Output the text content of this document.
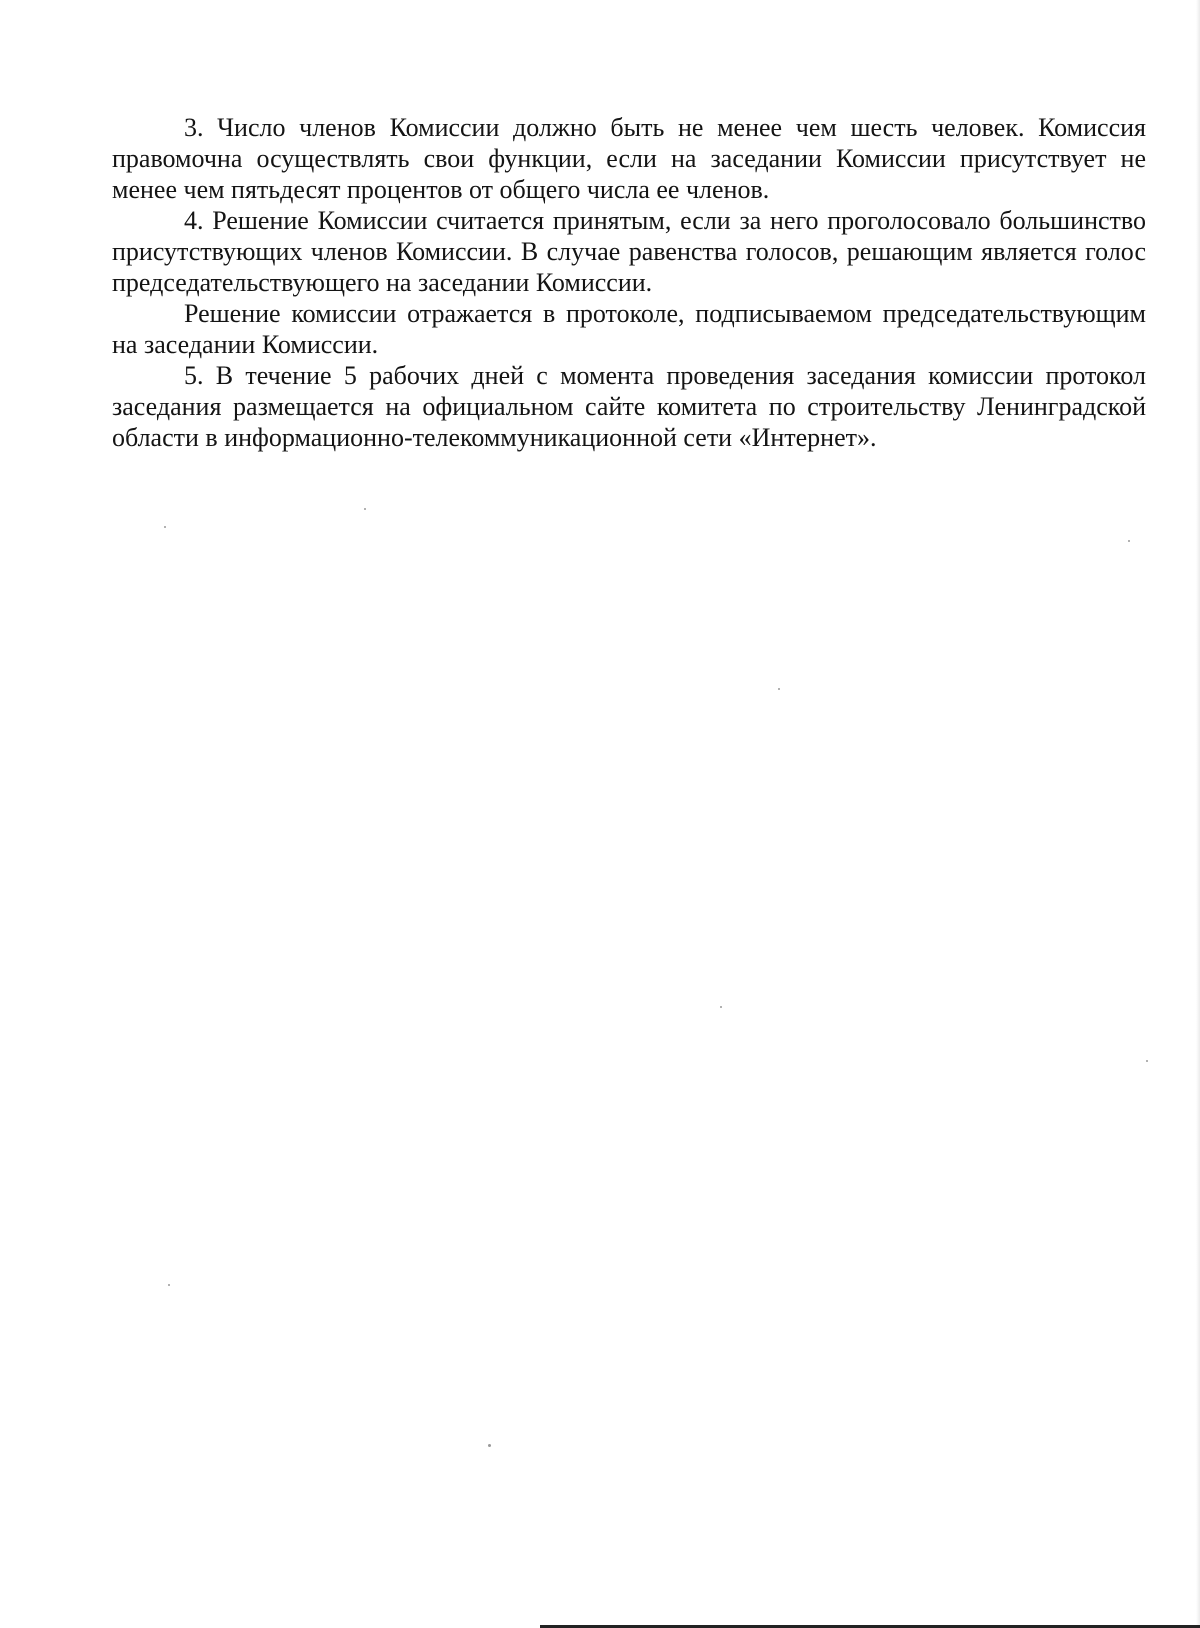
3. Число членов Комиссии должно быть не менее чем шесть человек. Комиссия правомочна осуществлять свои функции, если на заседании Комиссии присутствует не менее чем пятьдесят процентов от общего числа ее членов.

4. Решение Комиссии считается принятым, если за него проголосовало большинство присутствующих членов Комиссии. В случае равенства голосов, решающим является голос председательствующего на заседании Комиссии.

Решение комиссии отражается в протоколе, подписываемом председательствующим на заседании Комиссии.

5. В течение 5 рабочих дней с момента проведения заседания комиссии протокол заседания размещается на официальном сайте комитета по строительству Ленинградской области в информационно-телекоммуникационной сети «Интернет».
